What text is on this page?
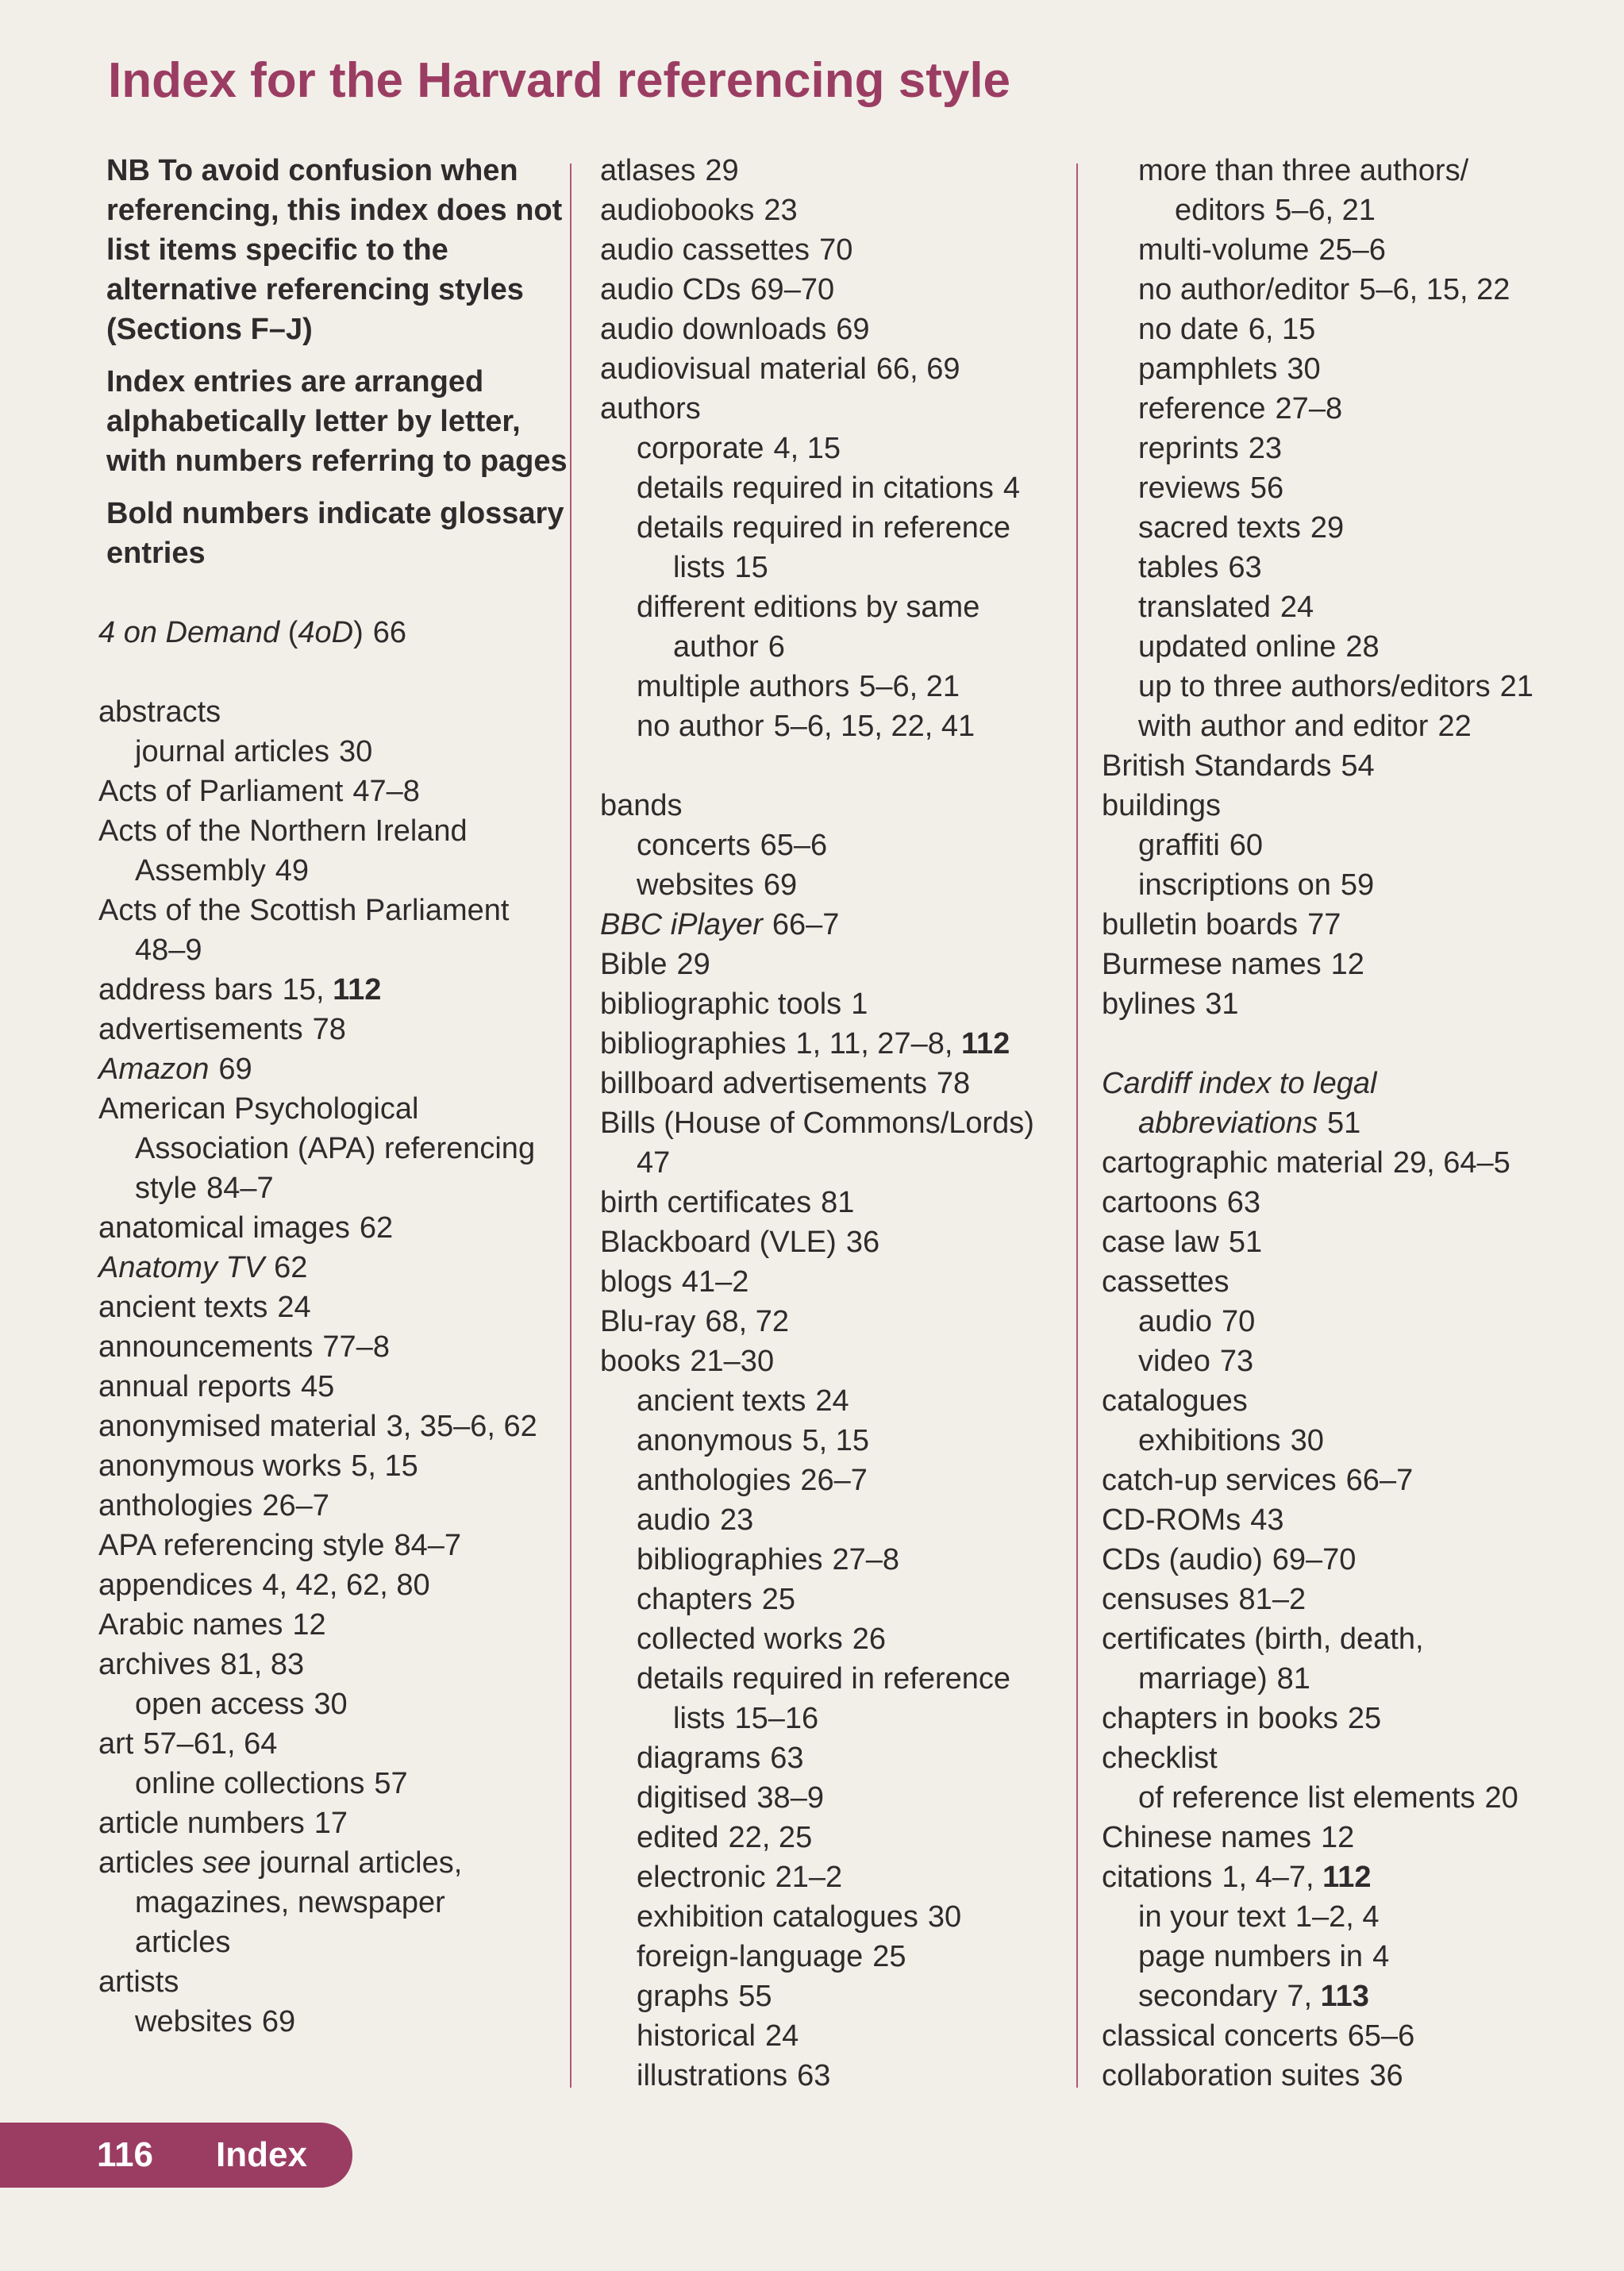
Index for the Harvard referencing style
NB To avoid confusion when referencing, this index does not list items specific to the alternative referencing styles (Sections F–J)
Index entries are arranged alphabetically letter by letter, with numbers referring to pages
Bold numbers indicate glossary entries
4 on Demand (4oD) 66
abstracts
journal articles 30
Acts of Parliament 47–8
Acts of the Northern Ireland
Assembly 49
Acts of the Scottish Parliament
48–9
address bars 15, 112
advertisements 78
Amazon 69
American Psychological
Association (APA) referencing
style 84–7
anatomical images 62
Anatomy TV 62
ancient texts 24
announcements 77–8
annual reports 45
anonymised material 3, 35–6, 62
anonymous works 5, 15
anthologies 26–7
APA referencing style 84–7
appendices 4, 42, 62, 80
Arabic names 12
archives 81, 83
open access 30
art 57–61, 64
online collections 57
article numbers 17
articles see journal articles,
magazines, newspaper
articles
artists
websites 69
atlases 29
audiobooks 23
audio cassettes 70
audio CDs 69–70
audio downloads 69
audiovisual material 66, 69
authors
corporate 4, 15
details required in citations 4
details required in reference
lists 15
different editions by same
author 6
multiple authors 5–6, 21
no author 5–6, 15, 22, 41
bands
concerts 65–6
websites 69
BBC iPlayer 66–7
Bible 29
bibliographic tools 1
bibliographies 1, 11, 27–8, 112
billboard advertisements 78
Bills (House of Commons/Lords)
47
birth certificates 81
Blackboard (VLE) 36
blogs 41–2
Blu-ray 68, 72
books 21–30
ancient texts 24
anonymous 5, 15
anthologies 26–7
audio 23
bibliographies 27–8
chapters 25
collected works 26
details required in reference
lists 15–16
diagrams 63
digitised 38–9
edited 22, 25
electronic 21–2
exhibition catalogues 30
foreign-language 25
graphs 55
historical 24
illustrations 63
more than three authors/
editors 5–6, 21
multi-volume 25–6
no author/editor 5–6, 15, 22
no date 6, 15
pamphlets 30
reference 27–8
reprints 23
reviews 56
sacred texts 29
tables 63
translated 24
updated online 28
up to three authors/editors 21
with author and editor 22
British Standards 54
buildings
graffiti 60
inscriptions on 59
bulletin boards 77
Burmese names 12
bylines 31
Cardiff index to legal
abbreviations 51
cartographic material 29, 64–5
cartoons 63
case law 51
cassettes
audio 70
video 73
catalogues
exhibitions 30
catch-up services 66–7
CD-ROMs 43
CDs (audio) 69–70
censuses 81–2
certificates (birth, death,
marriage) 81
chapters in books 25
checklist
of reference list elements 20
Chinese names 12
citations 1, 4–7, 112
in your text 1–2, 4
page numbers in 4
secondary 7, 113
classical concerts 65–6
collaboration suites 36
116	Index
